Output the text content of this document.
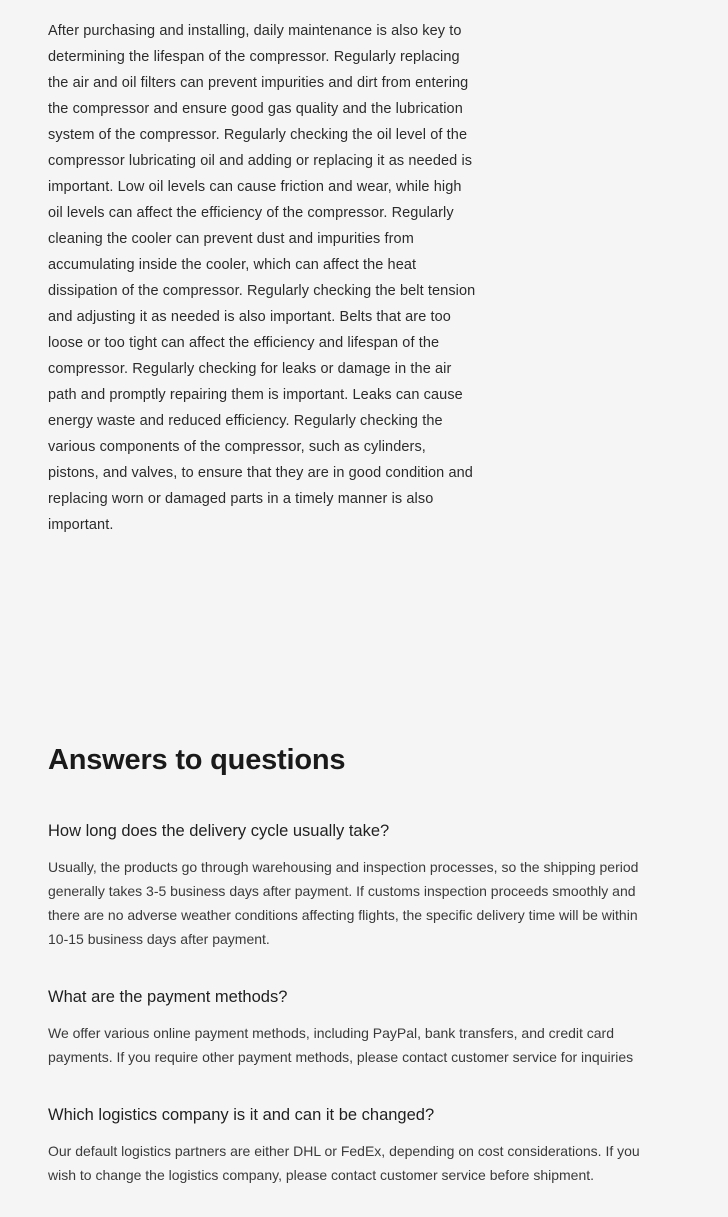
After purchasing and installing, daily maintenance is also key to determining the lifespan of the compressor. Regularly replacing the air and oil filters can prevent impurities and dirt from entering the compressor and ensure good gas quality and the lubrication system of the compressor. Regularly checking the oil level of the compressor lubricating oil and adding or replacing it as needed is important. Low oil levels can cause friction and wear, while high oil levels can affect the efficiency of the compressor. Regularly cleaning the cooler can prevent dust and impurities from accumulating inside the cooler, which can affect the heat dissipation of the compressor. Regularly checking the belt tension and adjusting it as needed is also important. Belts that are too loose or too tight can affect the efficiency and lifespan of the compressor. Regularly checking for leaks or damage in the air path and promptly repairing them is important. Leaks can cause energy waste and reduced efficiency. Regularly checking the various components of the compressor, such as cylinders, pistons, and valves, to ensure that they are in good condition and replacing worn or damaged parts in a timely manner is also important.

Answers to questions
How long does the delivery cycle usually take?

Usually, the products go through warehousing and inspection processes, so the shipping period generally takes 3-5 business days after payment. If customs inspection proceeds smoothly and there are no adverse weather conditions affecting flights, the specific delivery time will be within 10-15 business days after payment.

What are the payment methods?

We offer various online payment methods, including PayPal, bank transfers, and credit card payments. If you require other payment methods, please contact customer service for inquiries

Which logistics company is it and can it be changed?

Our default logistics partners are either DHL or FedEx, depending on cost considerations. If you wish to change the logistics company, please contact customer service before shipment.
